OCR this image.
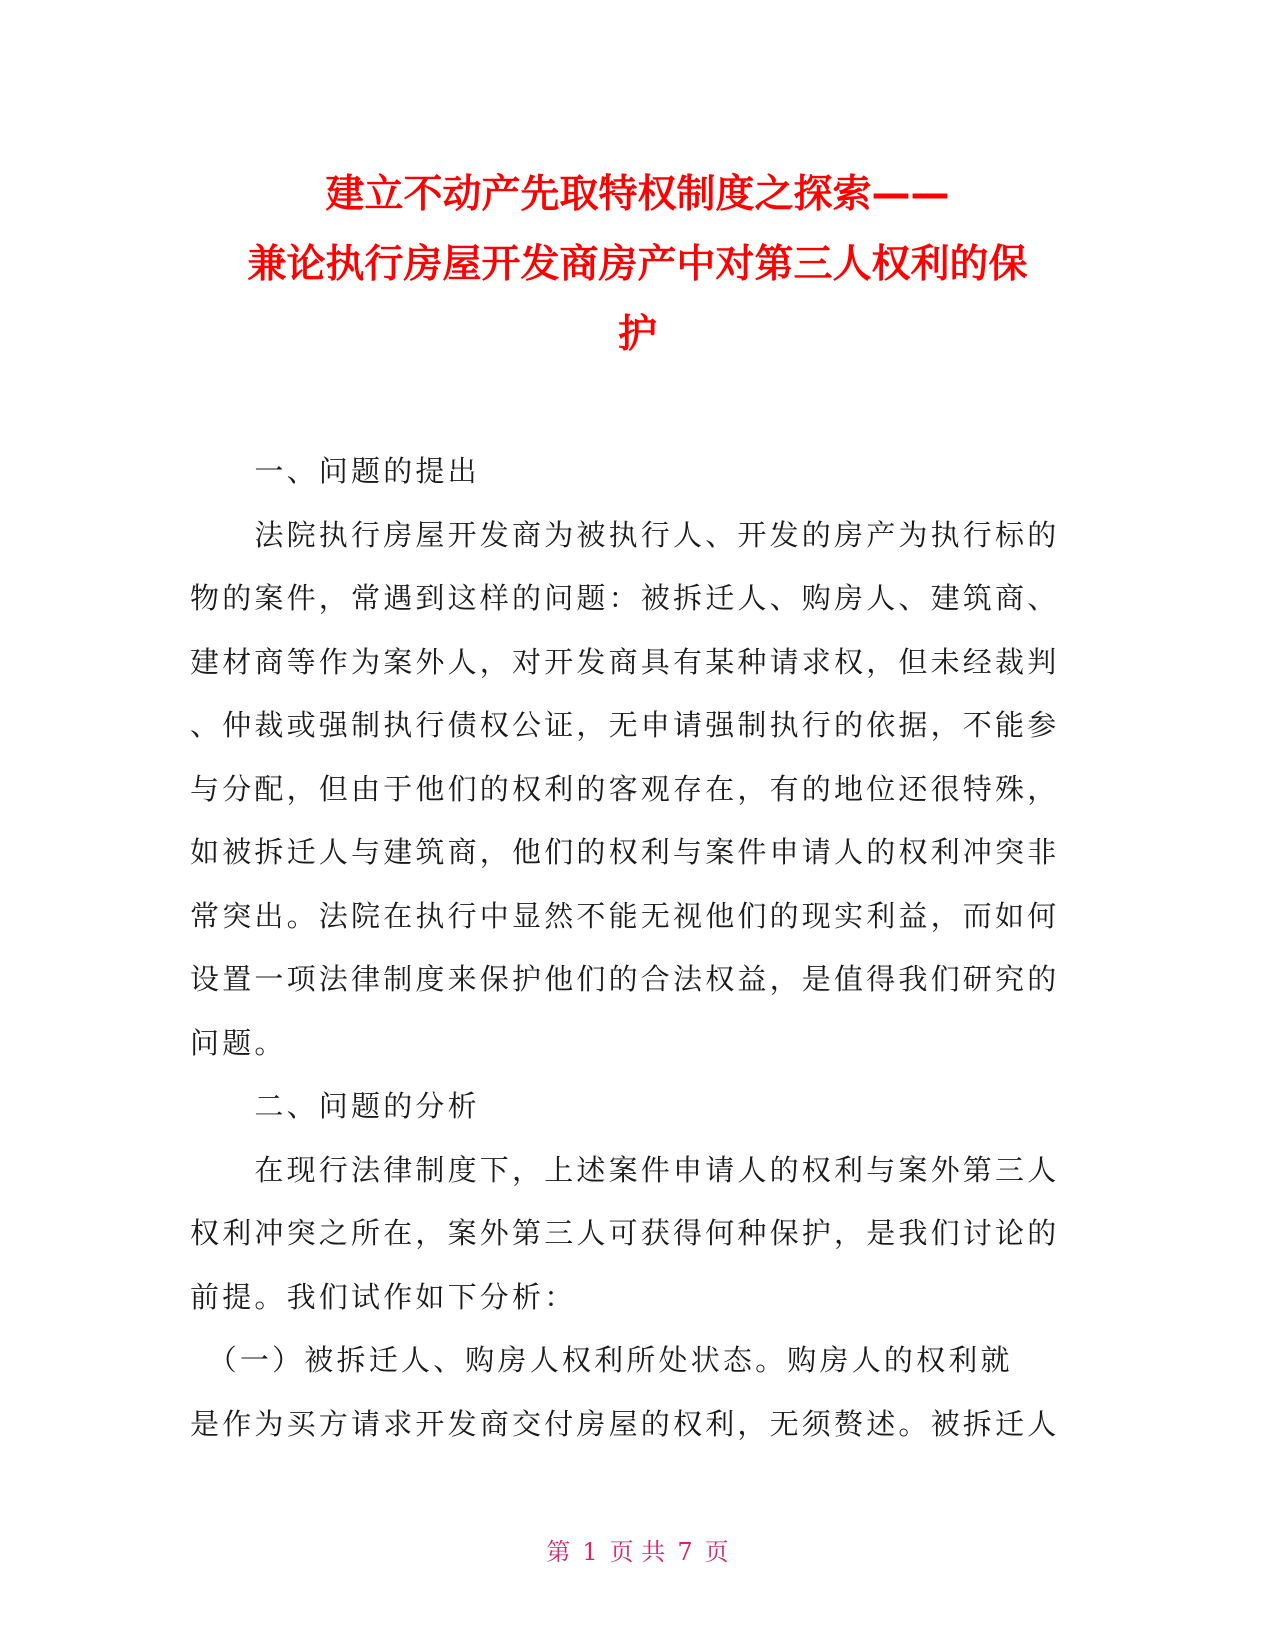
建立不动产先取特权制度之探索——
兼论执行房屋开发商房产中对第三人权利的保
护
　　一、问题的提出
　　法院执行房屋开发商为被执行人、开发的房产为执行标的
物的案件，常遇到这样的问题：被拆迁人、购房人、建筑商、
建材商等作为案外人，对开发商具有某种请求权，但未经裁判
、仲裁或强制执行债权公证，无申请强制执行的依据，不能参
与分配，但由于他们的权利的客观存在，有的地位还很特殊，
如被拆迁人与建筑商，他们的权利与案件申请人的权利冲突非
常突出。法院在执行中显然不能无视他们的现实利益，而如何
设置一项法律制度来保护他们的合法权益，是值得我们研究的
问题。
　　二、问题的分析
　　在现行法律制度下，上述案件申请人的权利与案外第三人
权利冲突之所在，案外第三人可获得何种保护，是我们讨论的
前提。我们试作如下分析：
　（一）被拆迁人、购房人权利所处状态。购房人的权利就
是作为买方请求开发商交付房屋的权利，无须赘述。被拆迁人
第 1 页 共 7 页
